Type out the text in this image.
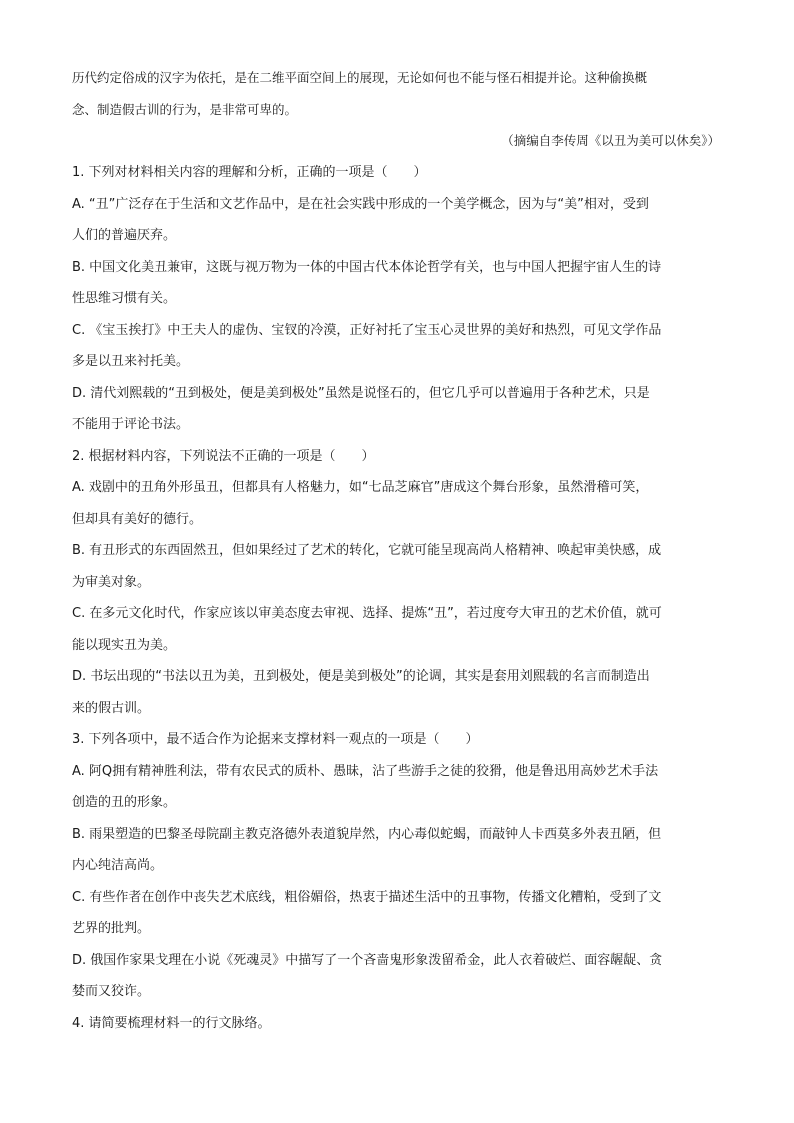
历代约定俗成的汉字为依托，是在二维平面空间上的展现，无论如何也不能与怪石相提并论。这种偷换概

念、制造假古训的行为，是非常可卑的。

（摘编自李传周《以丑为美可以休矣》）

1. 下列对材料相关内容的理解和分析，正确的一项是（　　）
A. “丑”广泛存在于生活和文艺作品中，是在社会实践中形成的一个美学概念，因为与“美”相对，受到
人们的普遍厌弃。
B. 中国文化美丑兼审，这既与视万物为一体的中国古代本体论哲学有关，也与中国人把握宇宙人生的诗
性思维习惯有关。
C. 《宝玉挨打》中王夫人的虚伪、宝钗的冷漠，正好衬托了宝玉心灵世界的美好和热烈，可见文学作品
多是以丑来衬托美。
D. 清代刘熙载的“丑到极处，便是美到极处”虽然是说怪石的，但它几乎可以普遍用于各种艺术，只是
不能用于评论书法。
2. 根据材料内容，下列说法不正确的一项是（　　）
A. 戏剧中的丑角外形虽丑，但都具有人格魅力，如“七品芝麻官”唐成这个舞台形象，虽然滑稽可笑，
但却具有美好的德行。
B. 有丑形式的东西固然丑，但如果经过了艺术的转化，它就可能呈现高尚人格精神、唤起审美快感，成
为审美对象。
C. 在多元文化时代，作家应该以审美态度去审视、选择、提炼“丑”，若过度夸大审丑的艺术价值，就可
能以现实丑为美。
D. 书坛出现的“书法以丑为美，丑到极处，便是美到极处”的论调，其实是套用刘熙载的名言而制造出
来的假古训。
3. 下列各项中，最不适合作为论据来支撑材料一观点的一项是（　　）
A. 阿Q拥有精神胜利法，带有农民式的质朴、愚昧，沾了些游手之徒的狡猾，他是鲁迅用高妙艺术手法
创造的丑的形象。
B. 雨果塑造的巴黎圣母院副主教克洛德外表道貌岸然，内心毒似蛇蝎，而敲钟人卡西莫多外表丑陋，但
内心纯洁高尚。
C. 有些作者在创作中丧失艺术底线，粗俗媚俗，热衷于描述生活中的丑事物，传播文化糟粕，受到了文
艺界的批判。
D. 俄国作家果戈理在小说《死魂灵》中描写了一个吝啬鬼形象泼留希金，此人衣着破烂、面容龌龊、贪
婪而又狡诈。
4. 请简要梳理材料一的行文脉络。
